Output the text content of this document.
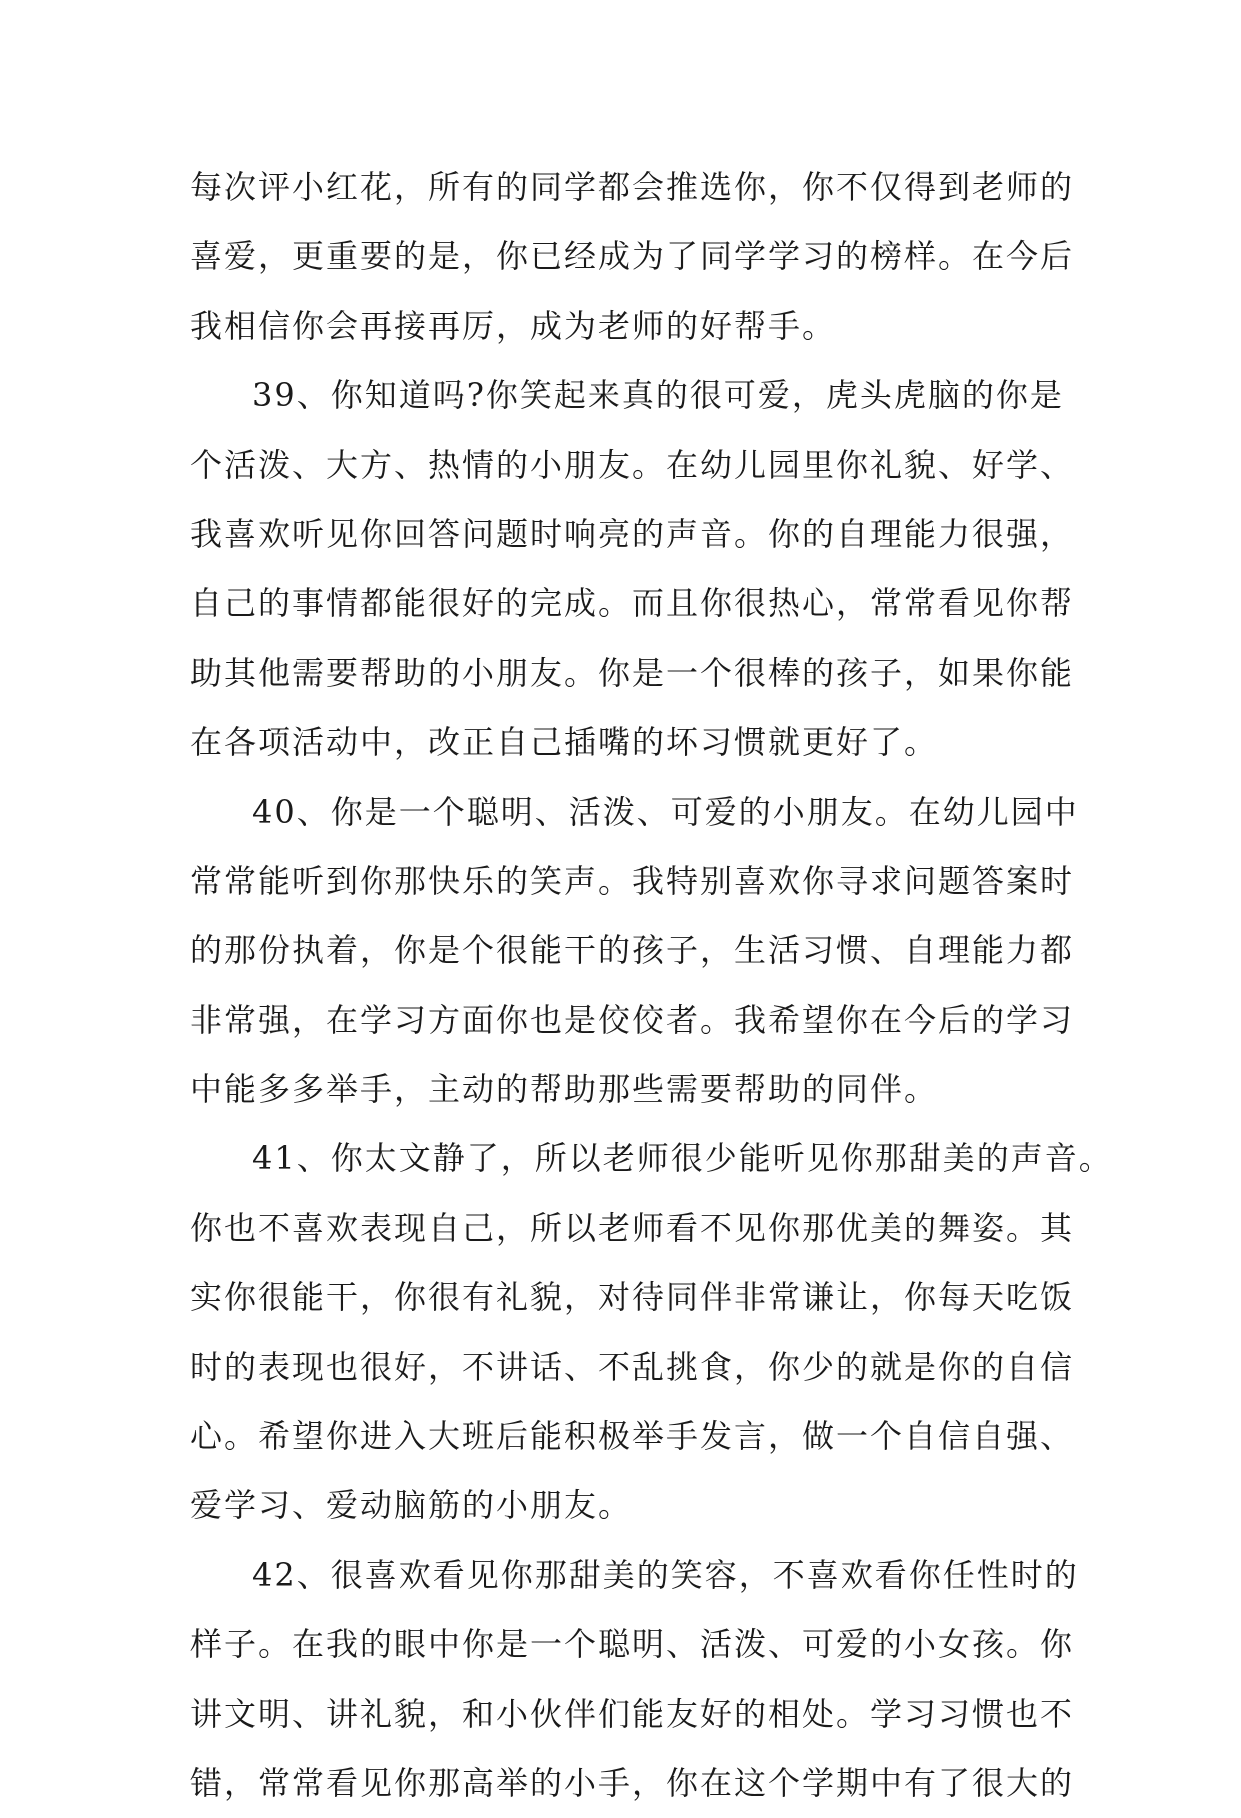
每次评小红花，所有的同学都会推选你，你不仅得到老师的
喜爱，更重要的是，你已经成为了同学学习的榜样。在今后
我相信你会再接再厉，成为老师的好帮手。
39、你知道吗?你笑起来真的很可爱，虎头虎脑的你是
个活泼、大方、热情的小朋友。在幼儿园里你礼貌、好学、
我喜欢听见你回答问题时响亮的声音。你的自理能力很强，
自己的事情都能很好的完成。而且你很热心，常常看见你帮
助其他需要帮助的小朋友。你是一个很棒的孩子，如果你能
在各项活动中，改正自己插嘴的坏习惯就更好了。
40、你是一个聪明、活泼、可爱的小朋友。在幼儿园中
常常能听到你那快乐的笑声。我特别喜欢你寻求问题答案时
的那份执着，你是个很能干的孩子，生活习惯、自理能力都
非常强，在学习方面你也是佼佼者。我希望你在今后的学习
中能多多举手，主动的帮助那些需要帮助的同伴。
41、你太文静了，所以老师很少能听见你那甜美的声音。
你也不喜欢表现自己，所以老师看不见你那优美的舞姿。其
实你很能干，你很有礼貌，对待同伴非常谦让，你每天吃饭
时的表现也很好，不讲话、不乱挑食，你少的就是你的自信
心。希望你进入大班后能积极举手发言，做一个自信自强、
爱学习、爱动脑筋的小朋友。
42、很喜欢看见你那甜美的笑容，不喜欢看你任性时的
样子。在我的眼中你是一个聪明、活泼、可爱的小女孩。你
讲文明、讲礼貌，和小伙伴们能友好的相处。学习习惯也不
错，常常看见你那高举的小手，你在这个学期中有了很大的
